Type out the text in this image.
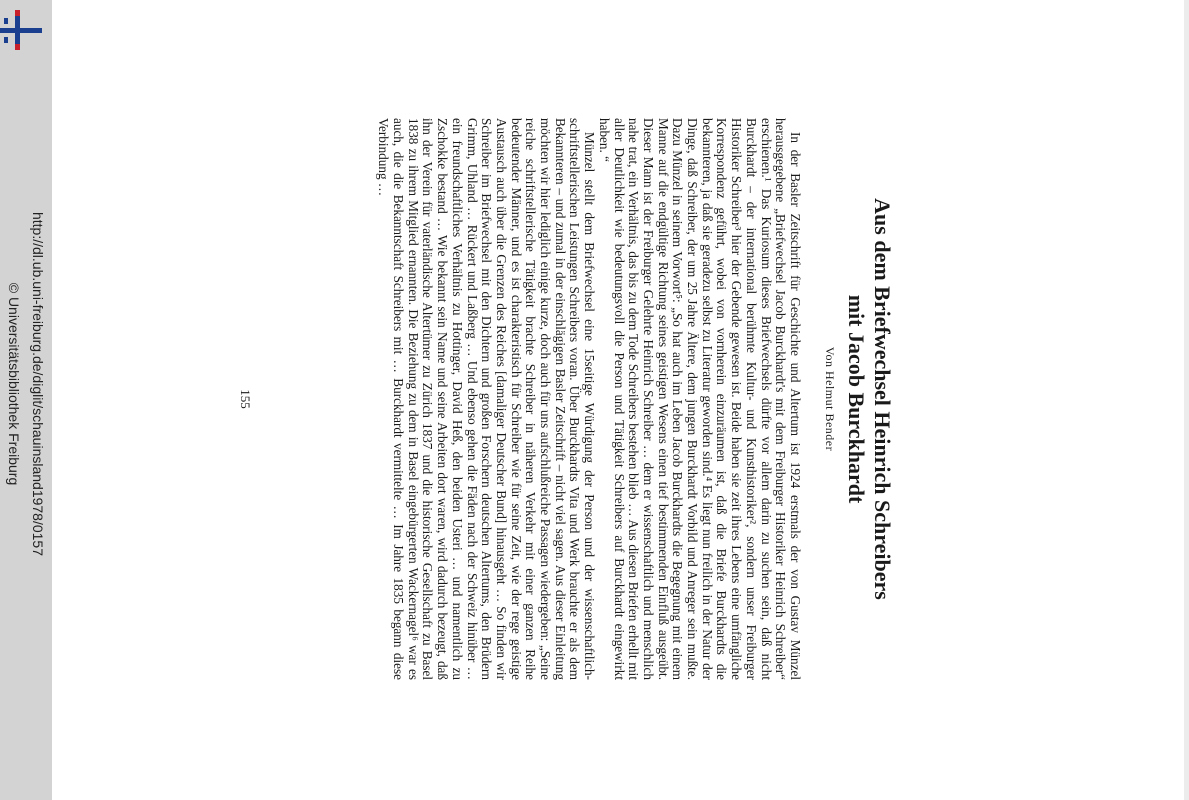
http://dl.ub.uni-freiburg.de/diglit/schauinsland1978/0157
© Universitätsbibliothek Freiburg	Aus dem Briefwechsel Heinrich Schreibers
mit Jacob Burckhardt
Von Helmut Bender

In der Basler Zeitschrift für Geschichte und Altertum ist 1924 erstmals der von Gustav Münzel herausgegebene „Briefwechsel Jacob Burckhardt's mit dem Freiburger Historiker Heinrich Schreiber“ erschienen.¹ Das Kuriosum dieses Briefwechsels dürfte vor allem darin zu suchen sein, daß nicht Burckhardt – der international berühmte Kultur- und Kunsthistoriker², sondern unser Freiburger Historiker Schreiber³ hier der Gebende gewesen ist. Beide haben sie zeit ihres Lebens eine umfängliche Korrespondenz geführt, wobei von vornherein einzuräumen ist, daß die Briefe Burckhardts die bekannteren, ja daß sie geradezu selbst zu Literatur geworden sind.⁴ Es liegt nun freilich in der Natur der Dinge, daß Schreiber, der um 25 Jahre Ältere, dem jungen Burckhardt Vorbild und Anreger sein mußte. Dazu Münzel in seinem Vorwort⁵: „So hat auch im Leben Jacob Burckhardts die Begegnung mit einem Manne auf die endgültige Richtung seines geistigen Wesens einen tief bestimmenden Einfluß ausgeübt. Dieser Mann ist der Freiburger Gelehrte Heinrich Schreiber … dem er wissenschaftlich und menschlich nahe trat, ein Verhältnis, das bis zu dem Tode Schreibers bestehen blieb … Aus diesen Briefen erhellt mit aller Deutlichkeit wie bedeutungsvoll die Person und Tätigkeit Schreibers auf Burckhardt eingewirkt haben. “

Münzel stellt dem Briefwechsel eine 15seitige Würdigung der Person und der wissenschaftlich-schriftstellerischen Leistungen Schreibers voran. Über Burckhardts Vita und Werk brauchte er als dem Bekannteren – und zumal in der einschlägigen Basler Zeitschrift – nicht viel sagen. Aus dieser Einleitung möchten wir hier lediglich einige kurze, doch auch für uns aufschlußreiche Passagen wiedergeben: „Seine reiche schriftstellerische Tätigkeit brachte Schreiber in näheren Verkehr mit einer ganzen Reihe bedeutender Männer, und es ist charakteristisch für Schreiber wie für seine Zeit, wie der rege geistige Austausch auch über die Grenzen des Reiches [damaliger Deutscher Bund] hinausgeht … So finden wir Schreiber im Briefwechsel mit den Dichtern und großen Forschern deutschen Altertums, den Brüdern Grimm, Uhland … Rückert und Laßberg … Und ebenso gehen die Fäden nach der Schweiz hinüber … ein freundschaftliches Verhältnis zu Hottinger, David Heß, den beiden Usteri … und namentlich zu Zschokke bestand … Wie bekannt sein Name und seine Arbeiten dort waren, wird dadurch bezeugt, daß ihn der Verein für vaterländische Altertümer zu Zürich 1837 und die historische Gesellschaft zu Basel 1838 zu ihrem Mitglied ernannten. Die Beziehung zu dem in Basel eingebürgerten Wackernagel⁶ war es auch, die die Bekanntschaft Schreibers mit … Burckhardt vermittelte … Im Jahre 1835 begann diese Verbindung …

155
